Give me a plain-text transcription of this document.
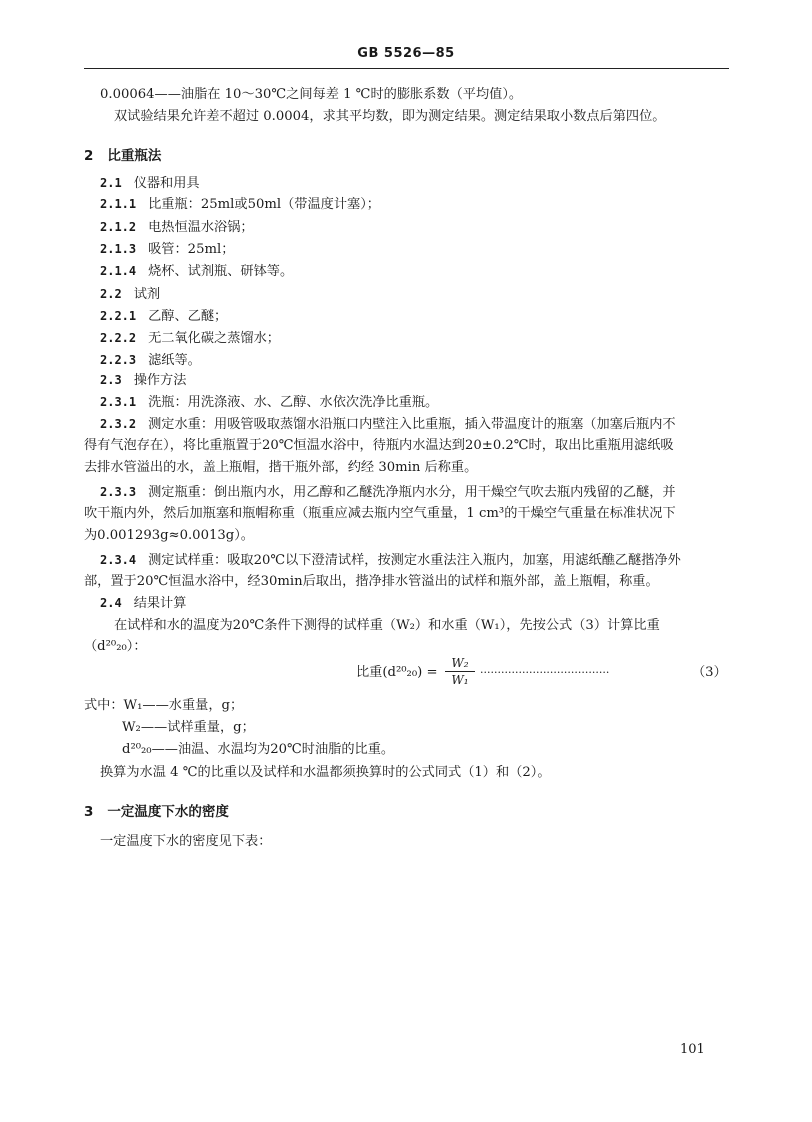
GB 5526—85
0.00064——油脂在 10～30℃之间每差 1 ℃时的膨胀系数（平均值）。
双试验结果允许差不超过 0.0004，求其平均数，即为测定结果。测定结果取小数点后第四位。
2 比重瓶法
2.1 仪器和用具
2.1.1 比重瓶：25ml或50ml（带温度计塞）；
2.1.2 电热恒温水浴锅；
2.1.3 吸管：25ml；
2.1.4 烧杯、试剂瓶、研钵等。
2.2 试剂
2.2.1 乙醇、乙醚；
2.2.2 无二氧化碳之蒸馏水；
2.2.3 滤纸等。
2.3 操作方法
2.3.1 洗瓶：用洗涤液、水、乙醇、水依次洗净比重瓶。
2.3.2 测定水重：用吸管吸取蒸馏水沿瓶口内壁注入比重瓶，插入带温度计的瓶塞（加塞后瓶内不
得有气泡存在），将比重瓶置于20℃恒温水浴中，待瓶内水温达到20±0.2℃时，取出比重瓶用滤纸吸
去排水管溢出的水，盖上瓶帽，揩干瓶外部，约经 30min 后称重。
2.3.3 测定瓶重：倒出瓶内水，用乙醇和乙醚洗净瓶内水分，用干燥空气吹去瓶内残留的乙醚，并
吹干瓶内外，然后加瓶塞和瓶帽称重（瓶重应减去瓶内空气重量，1 cm³的干燥空气重量在标准状况下
为0.001293g≈0.0013g）。
2.3.4 测定试样重：吸取20℃以下澄清试样，按测定水重法注入瓶内，加塞，用滤纸醮乙醚揩净外
部，置于20℃恒温水浴中，经30min后取出，揩净排水管溢出的试样和瓶外部，盖上瓶帽，称重。
2.4 结果计算
在试样和水的温度为20℃条件下测得的试样重（W₂）和水重（W₁），先按公式（3）计算比重
（d²⁰₂₀）：
比重(d²⁰₂₀) =
W₂
W₁
·····································	（3）
式中：W₁——水重量，g；
W₂——试样重量，g；
d²⁰₂₀——油温、水温均为20℃时油脂的比重。
换算为水温 4 ℃的比重以及试样和水温都须换算时的公式同式（1）和（2）。
3 一定温度下水的密度
一定温度下水的密度见下表：
101
